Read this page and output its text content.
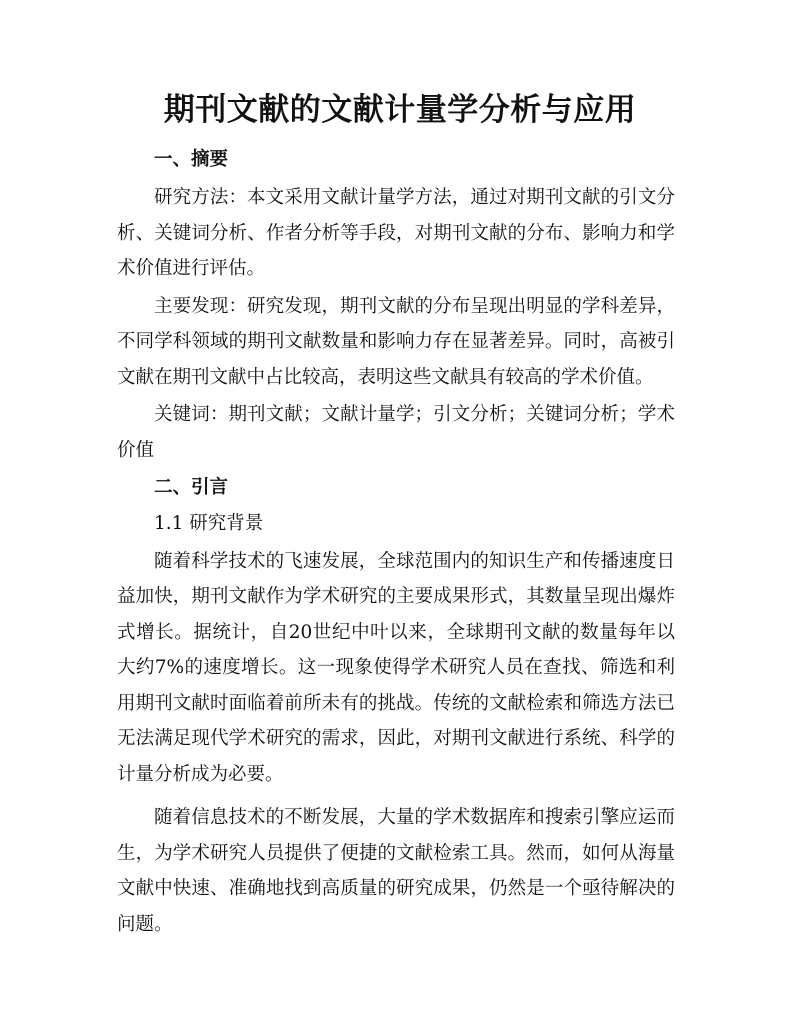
期刊文献的文献计量学分析与应用
一、摘要

研究方法：本文采用文献计量学方法，通过对期刊文献的引文分析、关键词分析、作者分析等手段，对期刊文献的分布、影响力和学术价值进行评估。

主要发现：研究发现，期刊文献的分布呈现出明显的学科差异，不同学科领域的期刊文献数量和影响力存在显著差异。同时，高被引文献在期刊文献中占比较高，表明这些文献具有较高的学术价值。

关键词：期刊文献；文献计量学；引文分析；关键词分析；学术价值

二、引言

1.1 研究背景

随着科学技术的飞速发展，全球范围内的知识生产和传播速度日益加快，期刊文献作为学术研究的主要成果形式，其数量呈现出爆炸式增长。据统计，自20世纪中叶以来，全球期刊文献的数量每年以大约7%的速度增长。这一现象使得学术研究人员在查找、筛选和利用期刊文献时面临着前所未有的挑战。传统的文献检索和筛选方法已无法满足现代学术研究的需求，因此，对期刊文献进行系统、科学的计量分析成为必要。

随着信息技术的不断发展，大量的学术数据库和搜索引擎应运而生，为学术研究人员提供了便捷的文献检索工具。然而，如何从海量文献中快速、准确地找到高质量的研究成果，仍然是一个亟待解决的问题。
